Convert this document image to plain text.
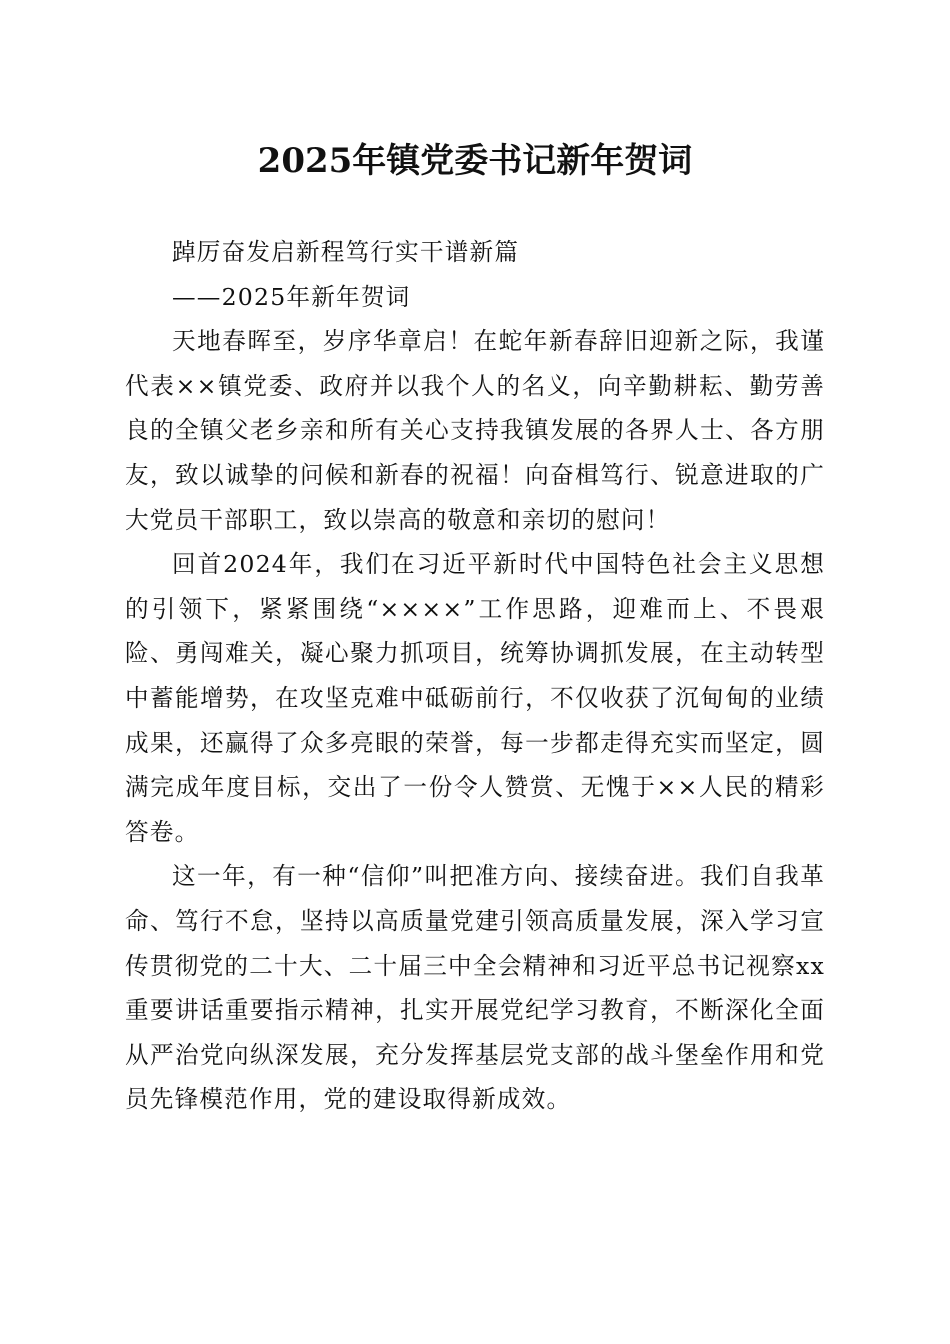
2025年镇党委书记新年贺词

踔厉奋发启新程笃行实干谱新篇

——2025年新年贺词

天地春晖至，岁序华章启！在蛇年新春辞旧迎新之际，我谨代表××镇党委、政府并以我个人的名义，向辛勤耕耘、勤劳善良的全镇父老乡亲和所有关心支持我镇发展的各界人士、各方朋友，致以诚挚的问候和新春的祝福！向奋楫笃行、锐意进取的广大党员干部职工，致以崇高的敬意和亲切的慰问！

回首2024年，我们在习近平新时代中国特色社会主义思想的引领下，紧紧围绕“××××”工作思路，迎难而上、不畏艰险、勇闯难关，凝心聚力抓项目，统筹协调抓发展，在主动转型中蓄能增势，在攻坚克难中砥砺前行，不仅收获了沉甸甸的业绩成果，还赢得了众多亮眼的荣誉，每一步都走得充实而坚定，圆满完成年度目标，交出了一份令人赞赏、无愧于××人民的精彩答卷。

这一年，有一种“信仰”叫把准方向、接续奋进。我们自我革命、笃行不怠，坚持以高质量党建引领高质量发展，深入学习宣传贯彻党的二十大、二十届三中全会精神和习近平总书记视察xx重要讲话重要指示精神，扎实开展党纪学习教育，不断深化全面从严治党向纵深发展，充分发挥基层党支部的战斗堡垒作用和党员先锋模范作用，党的建设取得新成效。
